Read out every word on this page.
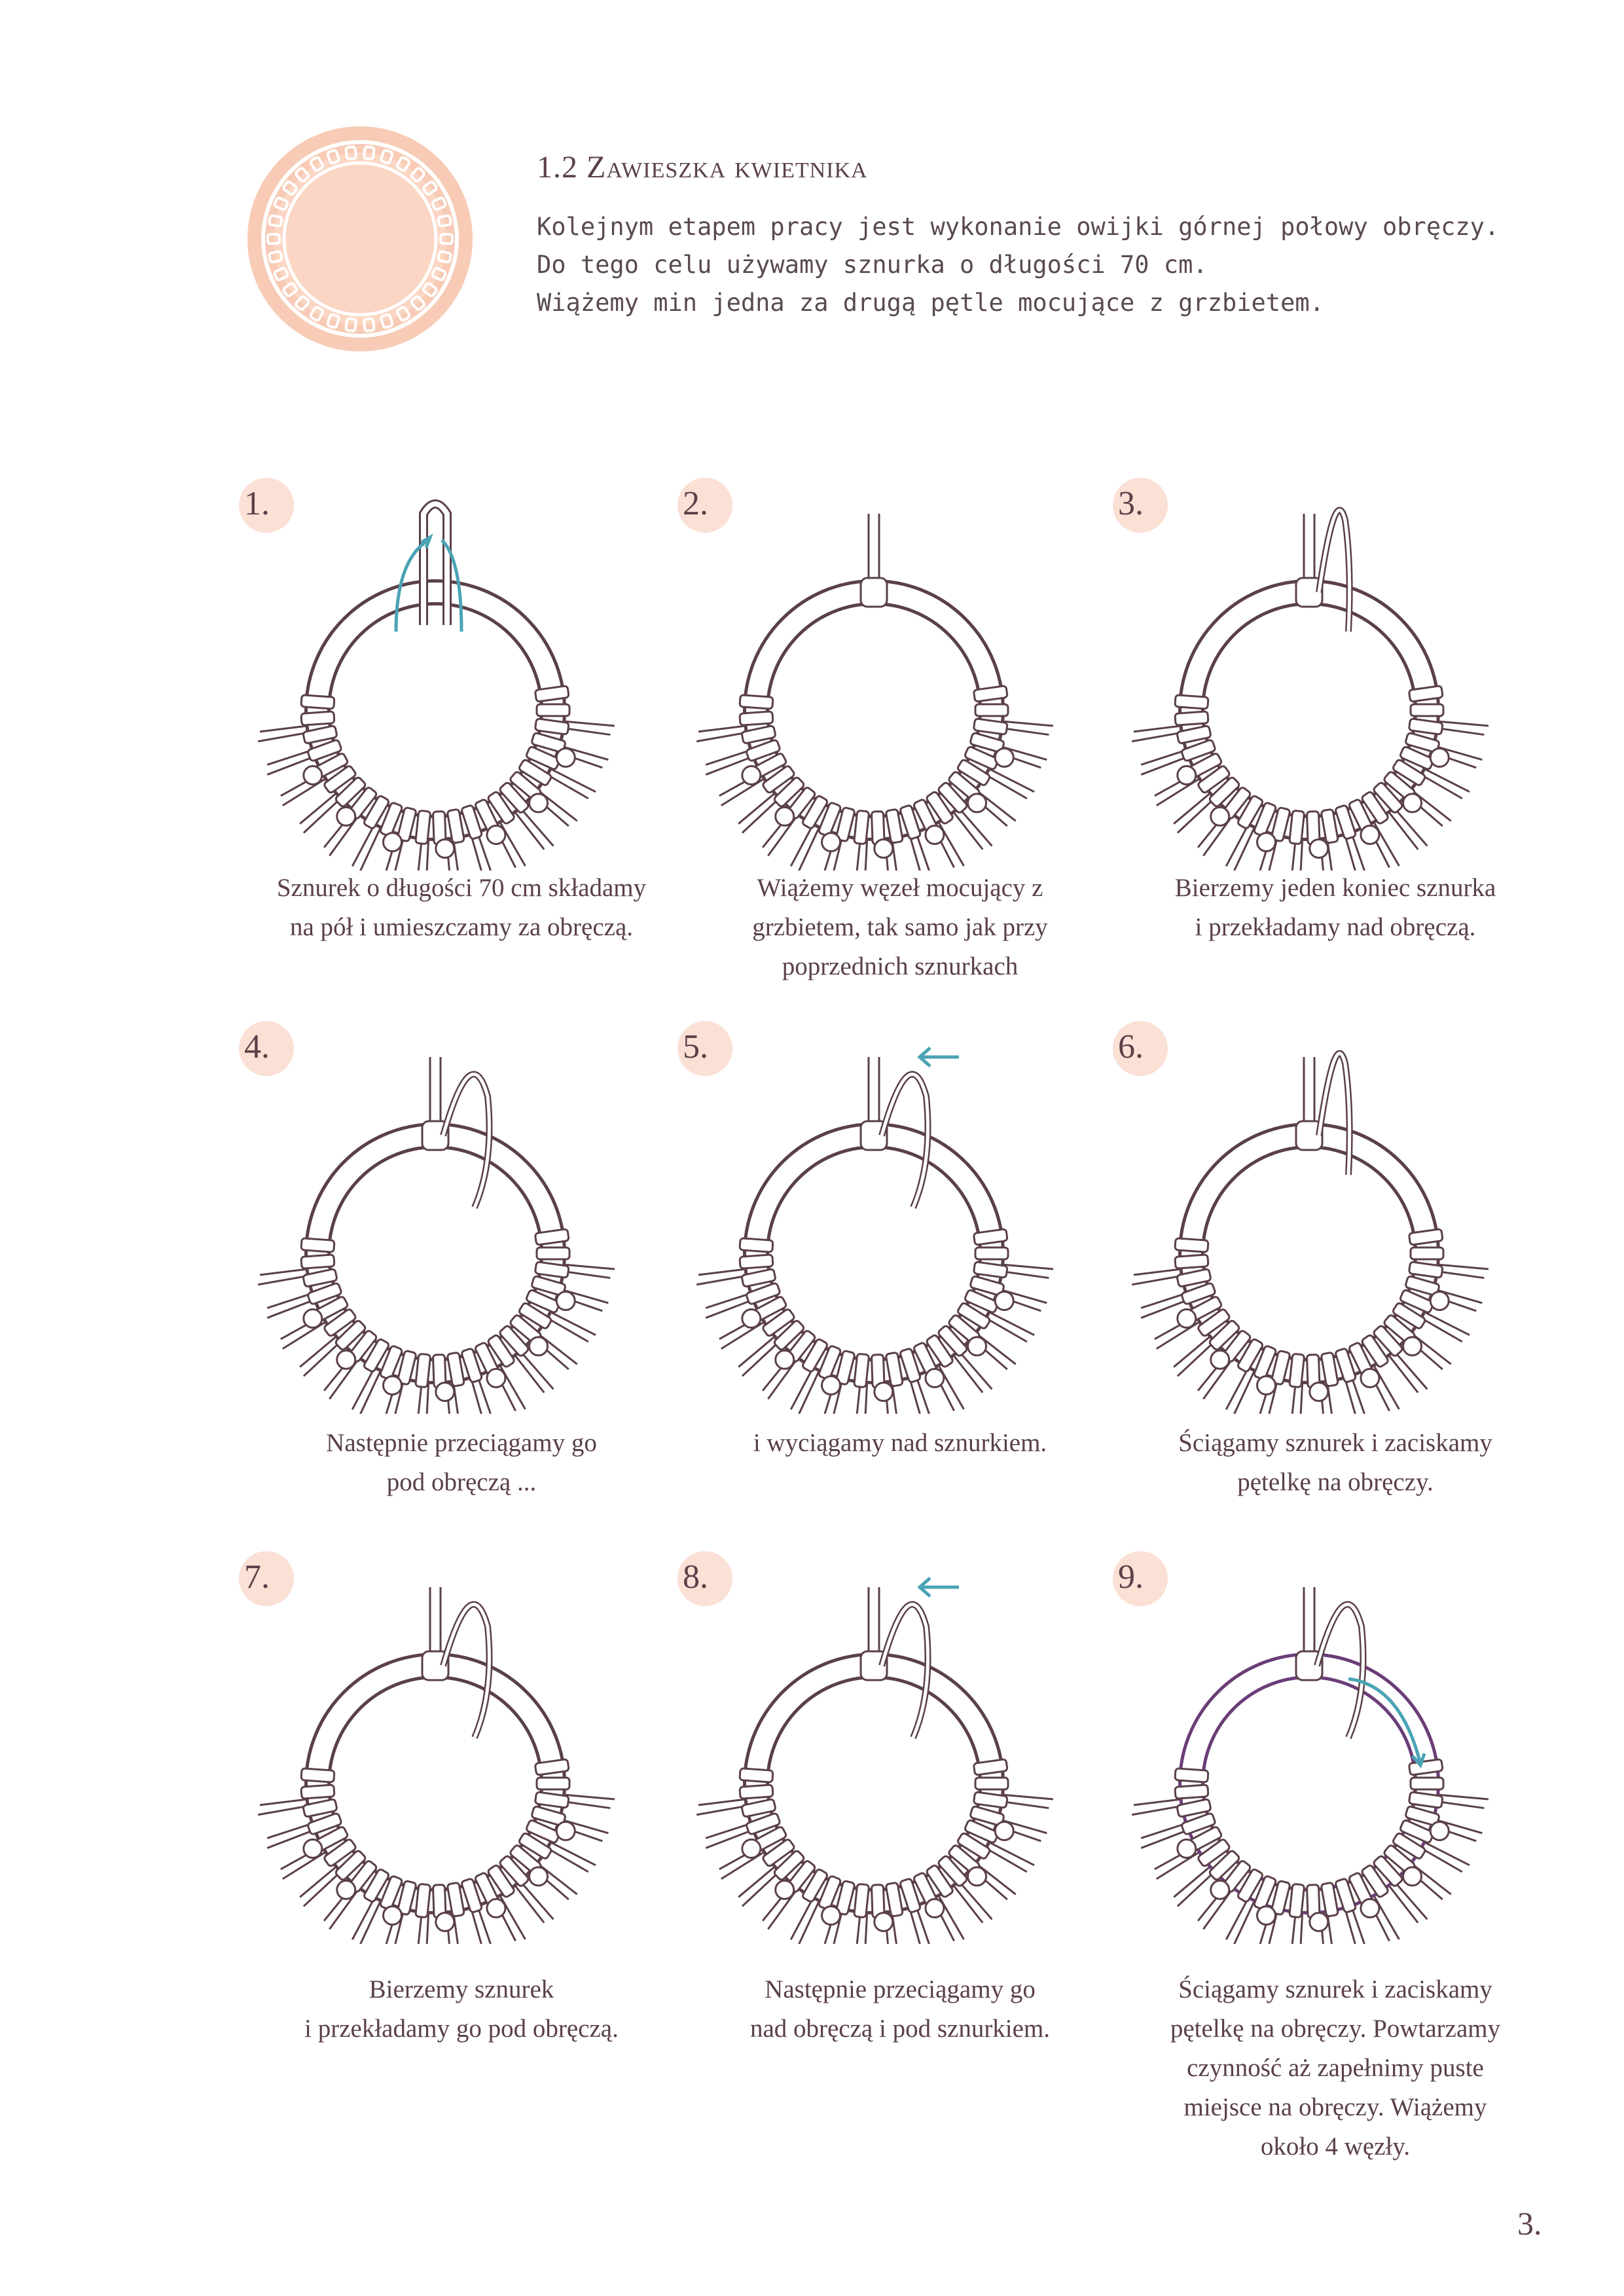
1.2 Zawieszka kwietnika

Kolejnym etapem pracy jest wykonanie owijki górnej połowy obręczy.

Do tego celu używamy sznurka o długości 70 cm.

Wiążemy min jedna za drugą pętle mocujące z grzbietem.

1.
Sznurek o długości 70 cm składamy
na pół i umieszczamy za obręczą.
2.
Wiążemy węzeł mocujący z
grzbietem, tak samo jak przy
poprzednich sznurkach
3.
Bierzemy jeden koniec sznurka
i przekładamy nad obręczą.
4.
Następnie przeciągamy go
pod obręczą ...
5.
i wyciągamy nad sznurkiem.
6.
Ściągamy sznurek i zaciskamy
pętelkę na obręczy.
7.
Bierzemy sznurek
i przekładamy go pod obręczą.
8.
Następnie przeciągamy go
nad obręczą i pod sznurkiem.
9.
Ściągamy sznurek i zaciskamy
pętelkę na obręczy. Powtarzamy
czynność aż zapełnimy puste
miejsce na obręczy. Wiążemy
około 4 węzły.
3.
